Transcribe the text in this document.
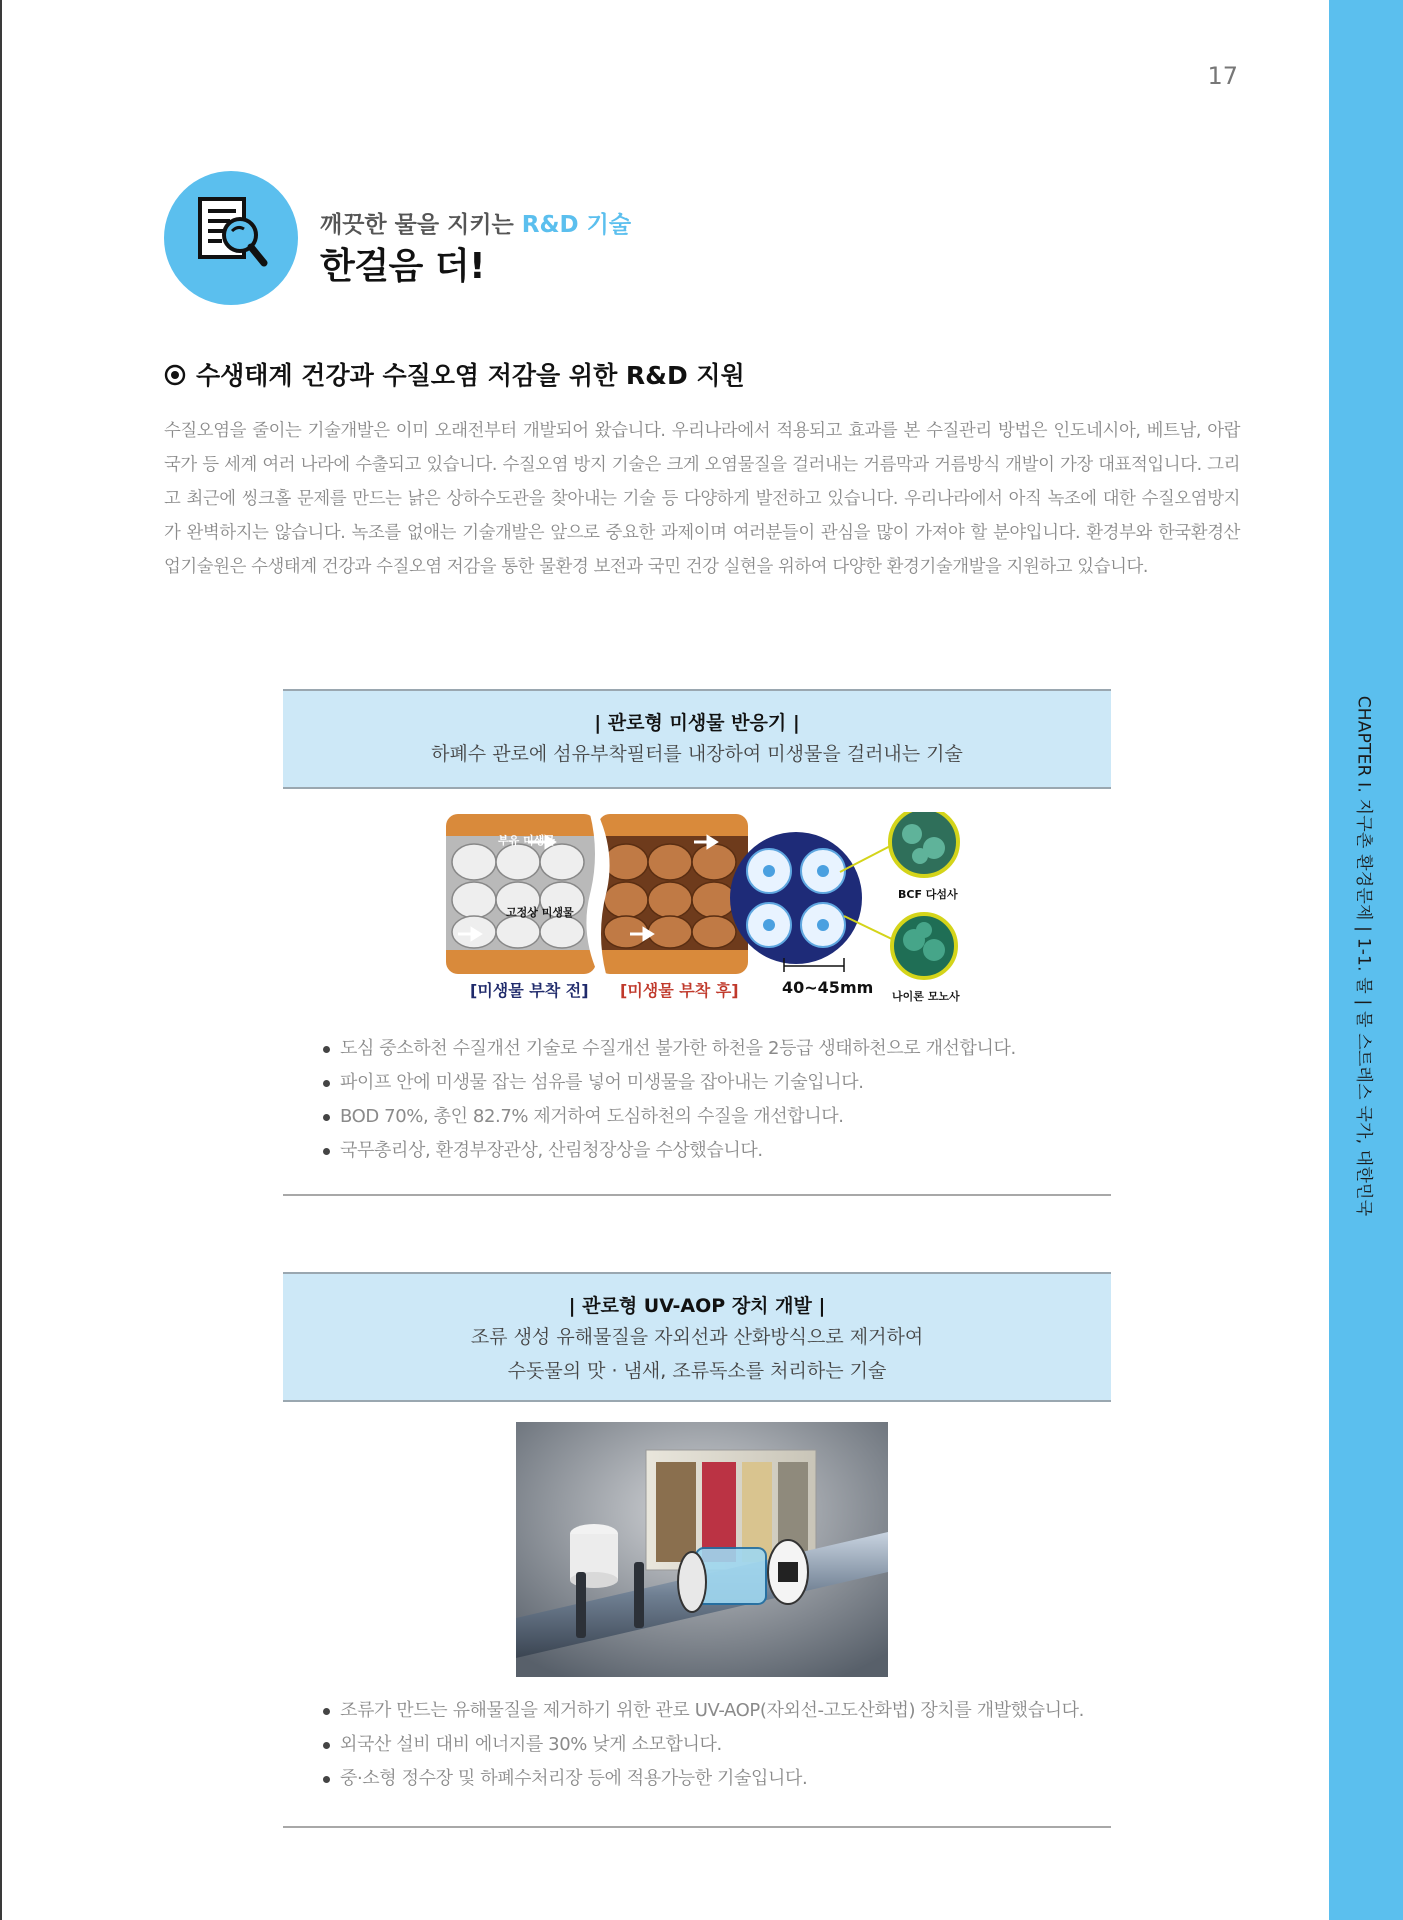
CHAPTER I. 지구촌 환경문제 | 1-1. 물 | 물 스트레스 국가, 대한민국
17
깨끗한 물을 지키는 R&D 기술
한걸음 더!
수생태계 건강과 수질오염 저감을 위한 R&D 지원
수질오염을 줄이는 기술개발은 이미 오래전부터 개발되어 왔습니다. 우리나라에서 적용되고 효과를 본 수질관리 방법은 인도네시아, 베트남, 아랍국가 등 세계 여러 나라에 수출되고 있습니다. 수질오염 방지 기술은 크게 오염물질을 걸러내는 거름막과 거름방식 개발이 가장 대표적입니다. 그리고 최근에 씽크홀 문제를 만드는 낡은 상하수도관을 찾아내는 기술 등 다양하게 발전하고 있습니다. 우리나라에서 아직 녹조에 대한 수질오염방지가 완벽하지는 않습니다. 녹조를 없애는 기술개발은 앞으로 중요한 과제이며 여러분들이 관심을 많이 가져야 할 분야입니다. 환경부와 한국환경산업기술원은 수생태계 건강과 수질오염 저감을 통한 물환경 보전과 국민 건강 실현을 위하여 다양한 환경기술개발을 지원하고 있습니다.
| 관로형 미생물 반응기 |
하폐수 관로에 섬유부착필터를 내장하여 미생물을 걸러내는 기술
부유 미생물
고정상 미생물
[미생물 부착 전] [미생물 부착 후]	40~45mm
BCF 다섬사
나이론 모노사
도심 중소하천 수질개선 기술로 수질개선 불가한 하천을 2등급 생태하천으로 개선합니다.
파이프 안에 미생물 잡는 섬유를 넣어 미생물을 잡아내는 기술입니다.
BOD 70%, 총인 82.7% 제거하여 도심하천의 수질을 개선합니다.
국무총리상, 환경부장관상, 산림청장상을 수상했습니다.
| 관로형 UV-AOP 장치 개발 |
조류 생성 유해물질을 자외선과 산화방식으로 제거하여
수돗물의 맛 · 냄새, 조류독소를 처리하는 기술
조류가 만드는 유해물질을 제거하기 위한 관로 UV-AOP(자외선-고도산화법) 장치를 개발했습니다.
외국산 설비 대비 에너지를 30% 낮게 소모합니다.
중·소형 정수장 및 하폐수처리장 등에 적용가능한 기술입니다.
